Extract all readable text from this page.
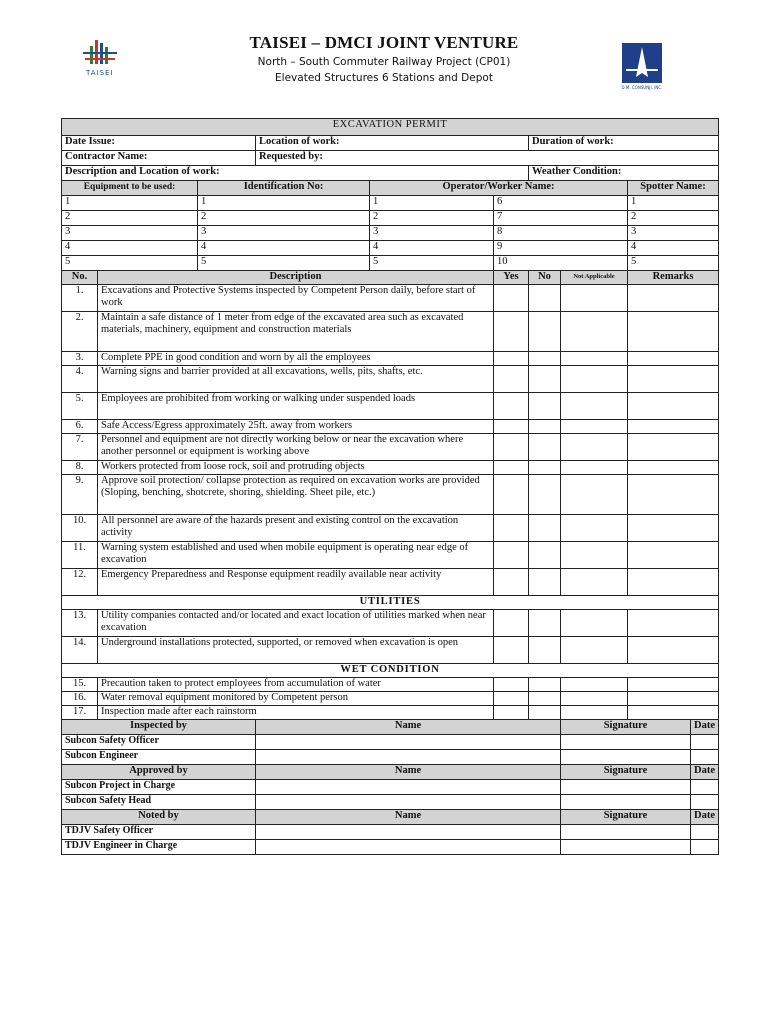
TAISEI
D.M. CONSUNJI, INC.
TAISEI – DMCI JOINT VENTURE
North – South Commuter Railway Project (CP01)
Elevated Structures 6 Stations and Depot
EXCAVATION PERMIT									
Date Issue:			Location of work:			Duration of work:			
Contractor Name:			Requested by:						
Description and Location of work:						Weather Condition:			
Equipment to be used:		Identification No:		Operator/Worker Name:				Spotter Name:	
1		1		1	6			1	
2		2		2	7			2	
3		3		3	8			3	
4		4		4	9			4	
5		5		5	10			5	
No.	Description				Yes	No	Not Applicable	Remarks	
1.	Excavations and Protective Systems inspected by Competent Person daily, before start of work								
2.	Maintain a safe distance of 1 meter from edge of the excavated area such as excavated materials, machinery, equipment and construction materials								
3.	Complete PPE in good condition and worn by all the employees								
4.	Warning signs and barrier provided at all excavations, wells, pits, shafts, etc.								
5.	Employees are prohibited from working or walking under suspended loads								
6.	Safe Access/Egress approximately 25ft. away from workers								
7.	Personnel and equipment are not directly working below or near the excavation where another personnel or equipment is working above								
8.	Workers protected from loose rock, soil and protruding objects								
9.	Approve soil protection/ collapse protection as required on excavation works are provided (Sloping, benching, shotcrete, shoring, shielding. Sheet pile, etc.)								
10.	All personnel are aware of the hazards present and existing control on the excavation activity								
11.	Warning system established and used when mobile equipment is operating near edge of excavation								
12.	Emergency Preparedness and Response equipment readily available near activity								
UTILITIES									
13.	Utility companies contacted and/or located and exact location of utilities marked when near excavation								
14.	Underground installations protected, supported, or removed when excavation is open								
WET CONDITION									
15.	Precaution taken to protect employees from accumulation of water								
16.	Water removal equipment monitored by Competent person								
17.	Inspection made after each rainstorm								
Inspected by			Name				Signature		Date
Subcon Safety Officer									
Subcon Engineer									
Approved by			Name				Signature		Date
Subcon Project in Charge									
Subcon Safety Head									
Noted by			Name				Signature		Date
TDJV Safety Officer									
TDJV Engineer in Charge									
